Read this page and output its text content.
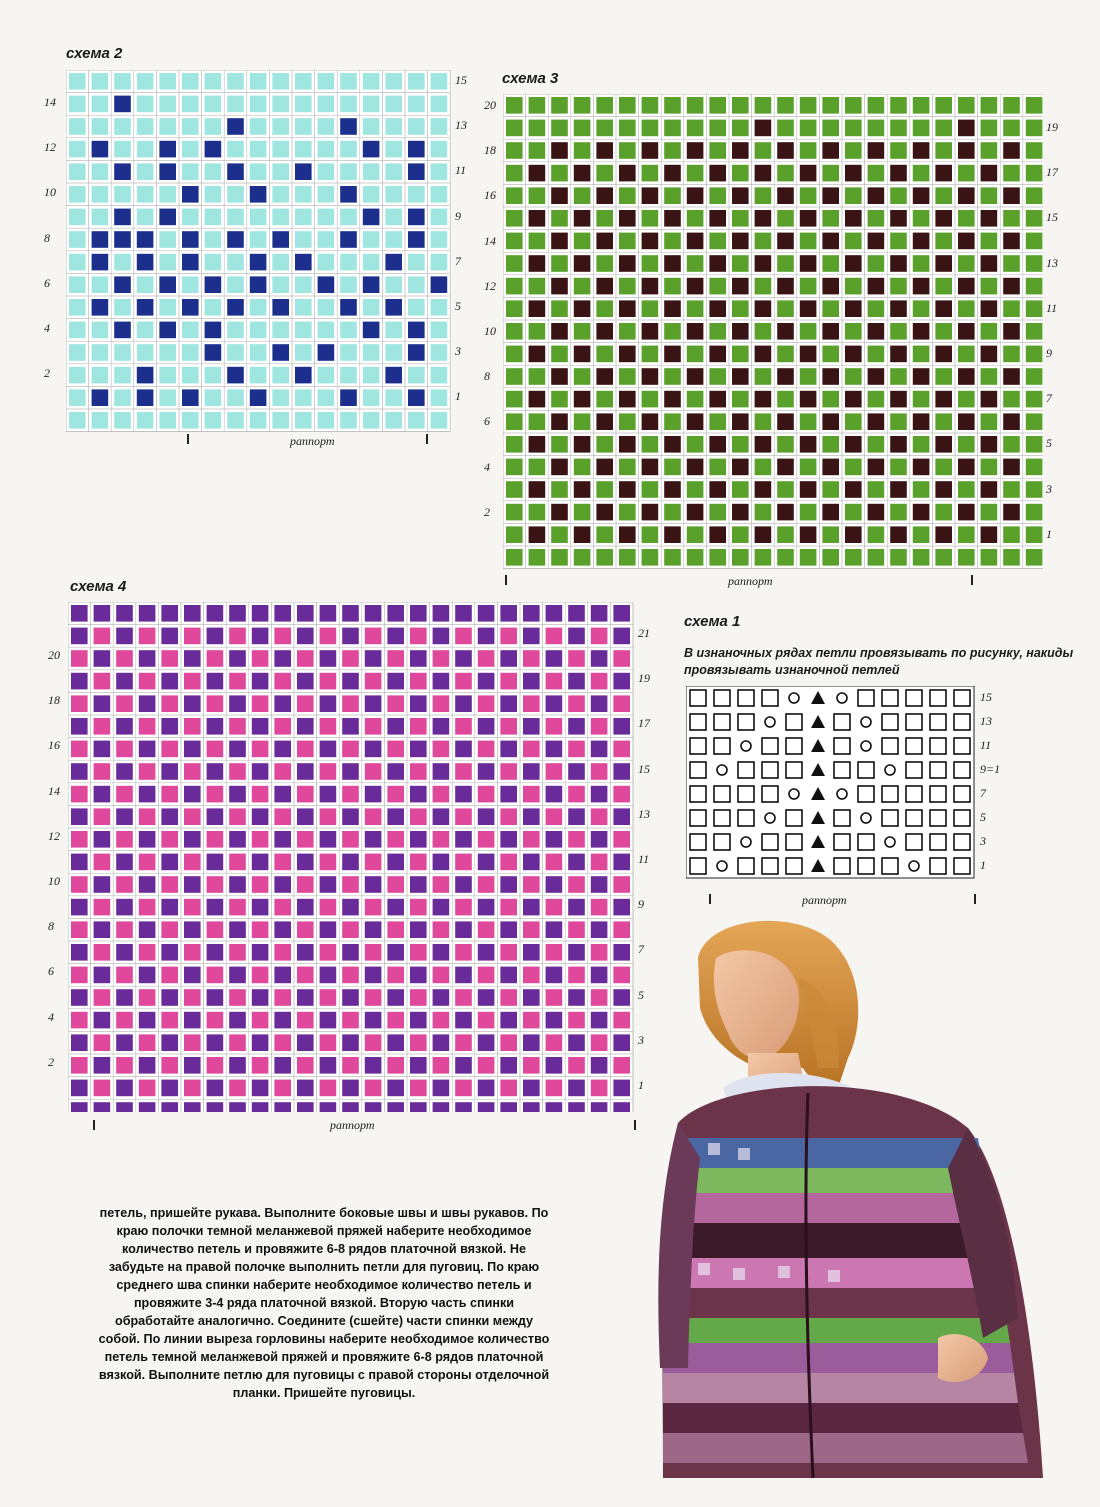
схема 2
15
13
11
9
7
5
3
1
14
12
10
8
6
4
2
раппорт
схема 3
19
17
15
13
11
9
7
5
3
1
20
18
16
14
12
10
8
6
4
2
раппорт
схема 4
21
19
17
15
13
11
9
7
5
3
1
20
18
16
14
12
10
8
6
4
2
раппорт
схема 1
В изнаночных рядах петли провязывать по рисунку, накиды провязывать изнаночной петлей
15
13
11
9=1
7
5
3
1
раппорт
петель, пришейте рукава. Выполните боковые швы и швы рукавов. По краю полочки темной меланжевой пряжей наберите необходимое количество петель и провяжите 6-8 рядов платочной вязкой. Не забудьте на правой полочке выполнить петли для пуговиц. По краю среднего шва спинки наберите необходимое количество петель и провяжите 3-4 ряда платочной вязкой. Вторую часть спинки обработайте аналогично. Соедините (сшейте) части спинки между собой. По линии выреза горловины наберите необходимое количество петель темной меланжевой пряжей и провяжите 6-8 рядов платочной вязкой. Выполните петлю для пуговицы с правой стороны отделочной планки. Пришейте пуговицы.
